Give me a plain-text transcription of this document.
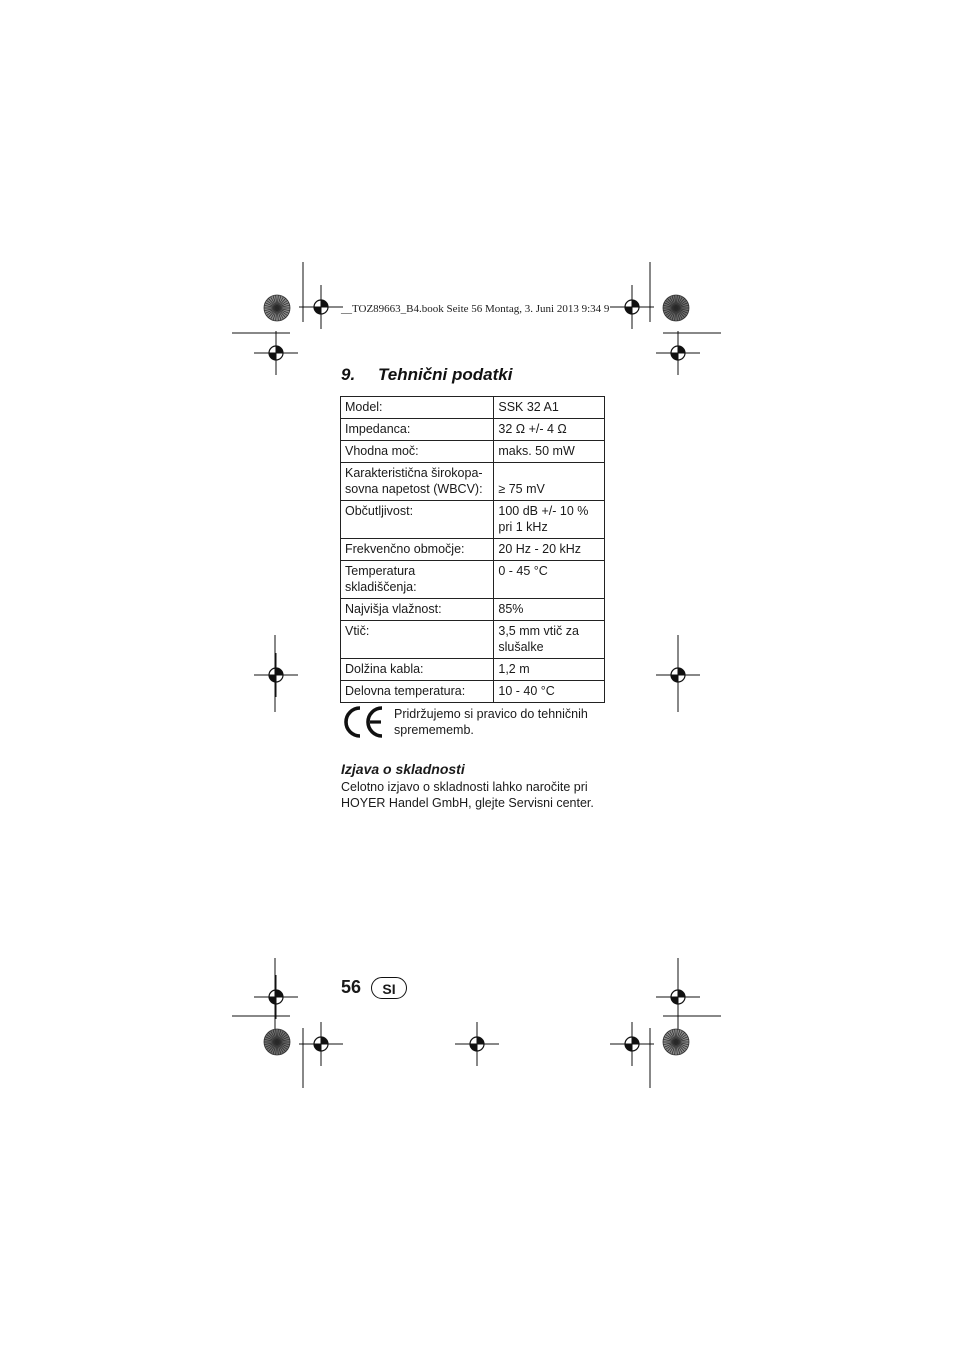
__TOZ89663_B4.book Seite 56 Montag, 3. Juni 2013 9:34 9
9. Tehnični podatki
Model:	SSK 32 A1
Impedanca:	32 Ω +/- 4 Ω
Vhodna moč:	maks. 50 mW
Karakteristična širokopa-
sovna napetost (WBCV):	≥ 75 mV
Občutljivost:	100 dB +/- 10 %
pri 1 kHz
Frekvenčno območje:	20 Hz - 20 kHz
Temperatura skladiščenja:	0 - 45 °C
Najvišja vlažnost:	85%
Vtič:	3,5 mm vtič za
slušalke
Dolžina kabla:	1,2 m
Delovna temperatura:	10 - 40 °C
Pridržujemo si pravico do tehničnih spremememb.
Izjava o skladnosti
Celotno izjavo o skladnosti lahko naročite pri HOYER Handel GmbH, glejte Servisni center.
56	SI
